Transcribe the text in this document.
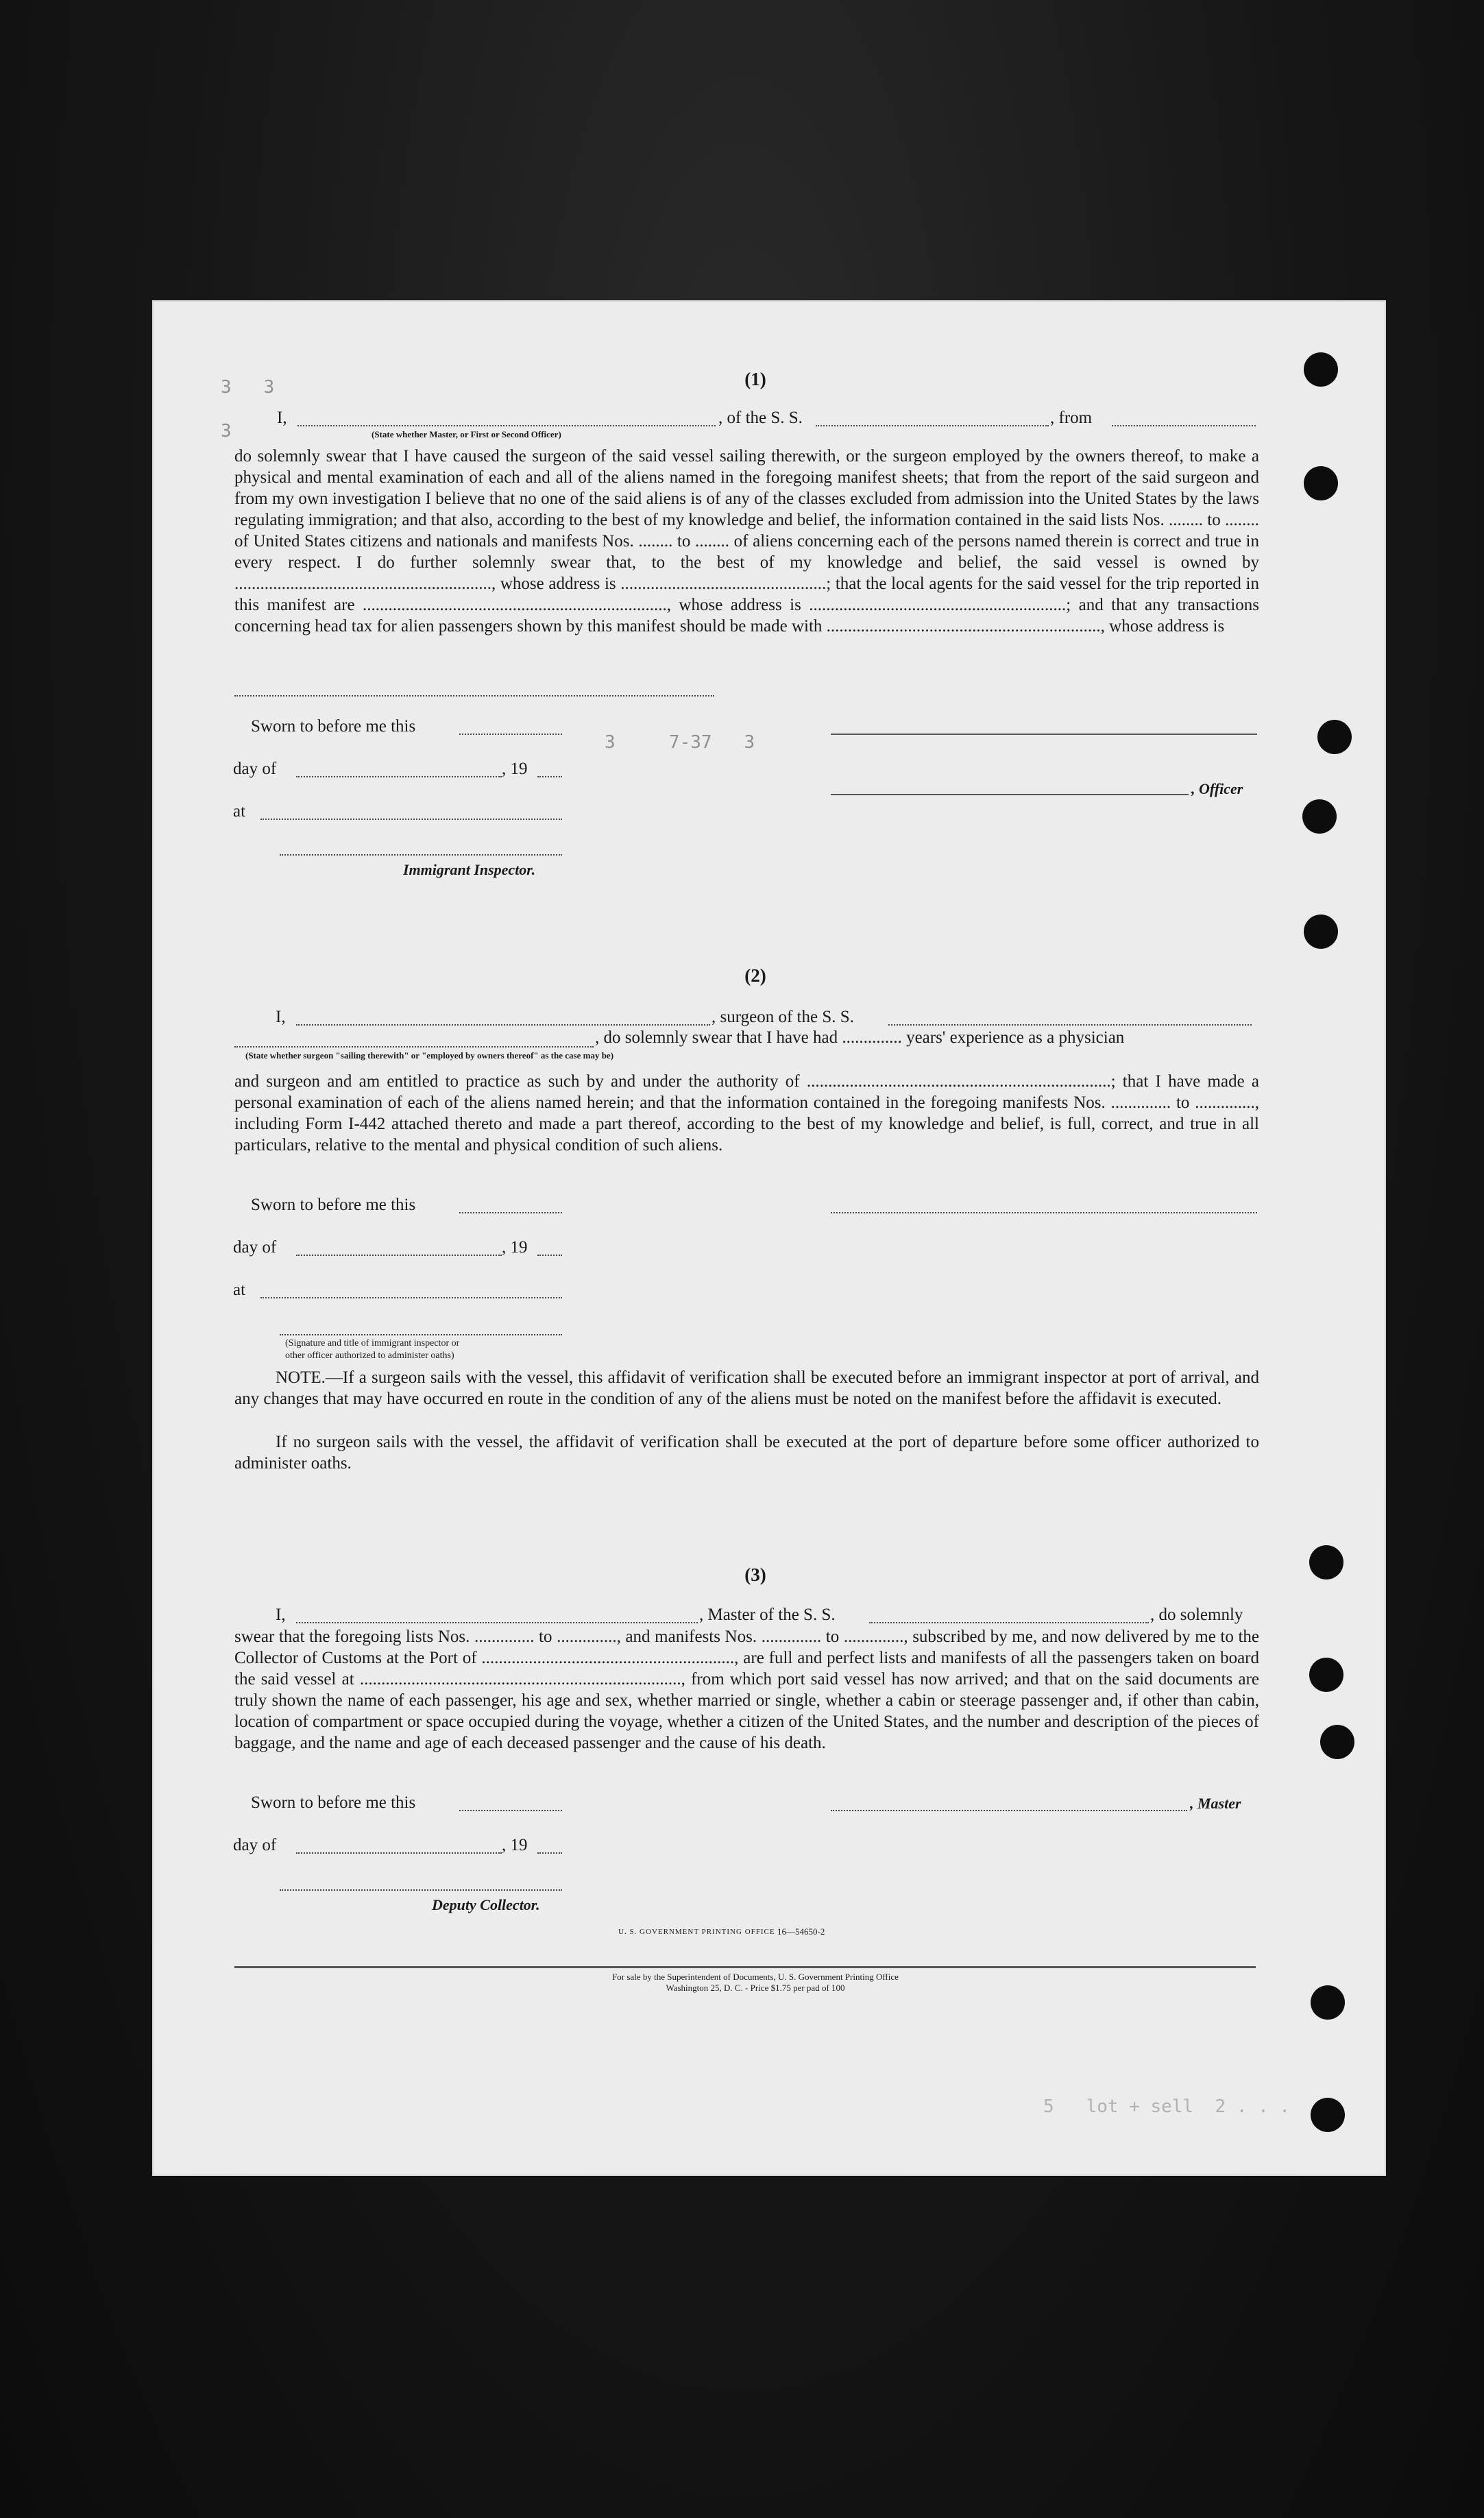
3   3
3
3     7-37   3
5   lot + sell  2 . . .
(1)
I,	, of the S. S.	, from
(State whether Master, or First or Second Officer)

do solemnly swear that I have caused the surgeon of the said vessel sailing therewith, or the surgeon employed by the owners thereof, to make a physical and mental examination of each and all of the aliens named in the foregoing manifest sheets; that from the report of the said surgeon and from my own investigation I believe that no one of the said aliens is of any of the classes excluded from admission into the United States by the laws regulating immigration; and that also, according to the best of my knowledge and belief, the information contained in the said lists Nos. ........ to ........ of United States citizens and nationals and manifests Nos. ........ to ........ of aliens concerning each of the persons named therein is correct and true in every respect. I do further solemnly swear that, to the best of my knowledge and belief, the said vessel is owned by ............................................................, whose address is ................................................; that the local agents for the said vessel for the trip reported in this manifest are ......................................................................., whose address is ............................................................; and that any transactions concerning head tax for alien passengers shown by this manifest should be made with ................................................................, whose address is

Sworn to before me this
day of	, 19
, Officer
at
Immigrant Inspector.
(2)
I,	, surgeon of the S. S.
, do solemnly swear that I have had .............. years' experience as a physician
(State whether surgeon "sailing therewith" or "employed by owners thereof" as the case may be)

and surgeon and am entitled to practice as such by and under the authority of .......................................................................; that I have made a personal examination of each of the aliens named herein; and that the information contained in the foregoing manifests Nos. .............. to .............., including Form I-442 attached thereto and made a part thereof, according to the best of my knowledge and belief, is full, correct, and true in all particulars, relative to the mental and physical condition of such aliens.

Sworn to before me this
day of	, 19
at
(Signature and title of immigrant inspector or
other officer authorized to administer oaths)

NOTE.—If a surgeon sails with the vessel, this affidavit of verification shall be executed before an immigrant inspector at port of arrival, and any changes that may have occurred en route in the condition of any of the aliens must be noted on the manifest before the affidavit is executed.

If no surgeon sails with the vessel, the affidavit of verification shall be executed at the port of departure before some officer authorized to administer oaths.

(3)
I,	, Master of the S. S.	, do solemnly

swear that the foregoing lists Nos. .............. to .............., and manifests Nos. .............. to .............., subscribed by me, and now delivered by me to the Collector of Customs at the Port of ..........................................................., are full and perfect lists and manifests of all the passengers taken on board the said vessel at ..........................................................................., from which port said vessel has now arrived; and that on the said documents are truly shown the name of each passenger, his age and sex, whether married or single, whether a cabin or steerage passenger and, if other than cabin, location of compartment or space occupied during the voyage, whether a citizen of the United States, and the number and description of the pieces of baggage, and the name and age of each deceased passenger and the cause of his death.

Sworn to before me this	, Master
day of	, 19
Deputy Collector.
U. S. GOVERNMENT PRINTING OFFICE 16—54650-2
For sale by the Superintendent of Documents, U. S. Government Printing Office
Washington 25, D. C. - Price $1.75 per pad of 100
